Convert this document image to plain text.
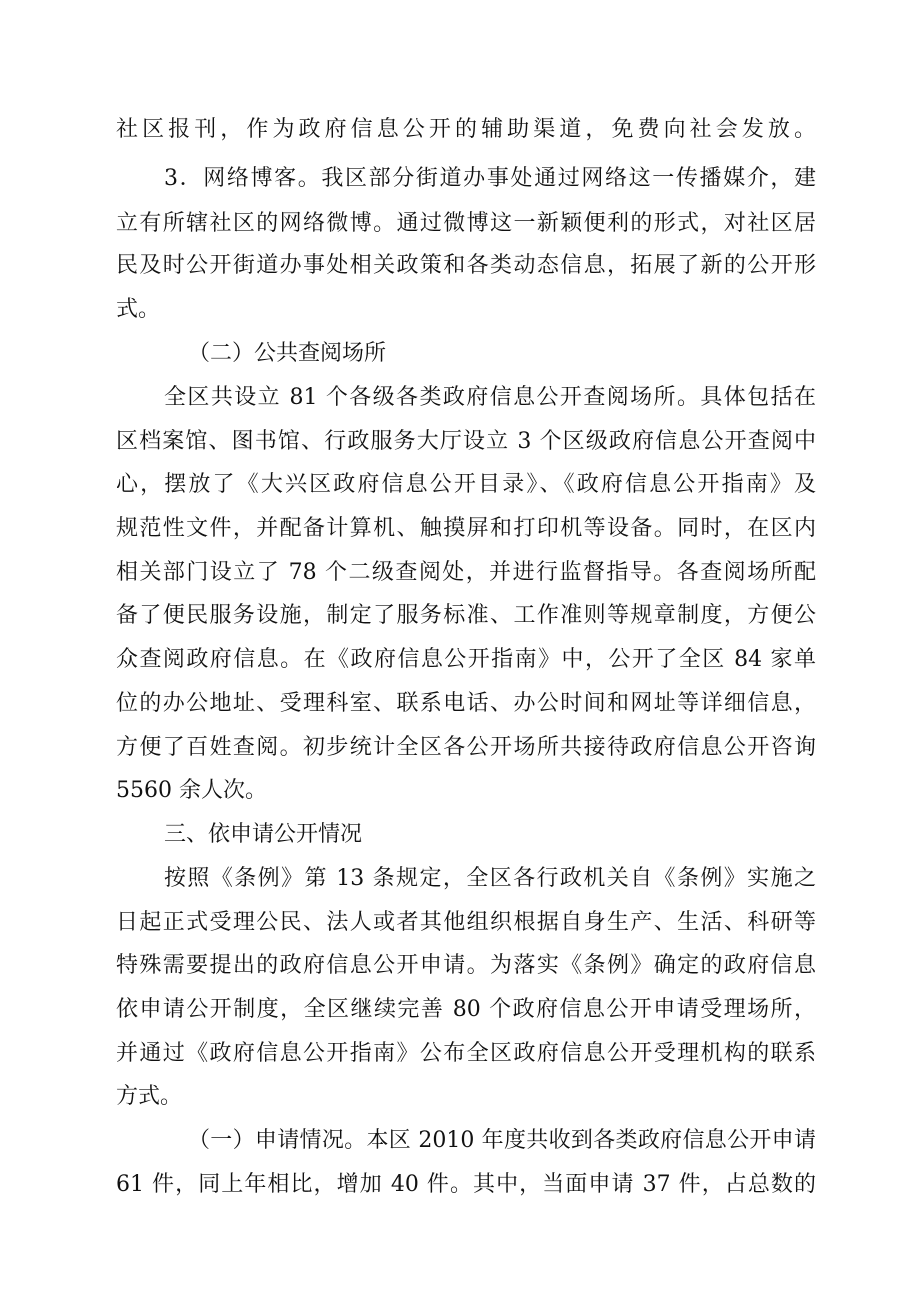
社区报刊，作为政府信息公开的辅助渠道，免费向社会发放。

3．网络博客。我区部分街道办事处通过网络这一传播媒介，建

立有所辖社区的网络微博。通过微博这一新颖便利的形式，对社区居

民及时公开街道办事处相关政策和各类动态信息，拓展了新的公开形

式。

（二）公共查阅场所

全区共设立 81 个各级各类政府信息公开查阅场所。具体包括在

区档案馆、图书馆、行政服务大厅设立 3 个区级政府信息公开查阅中

心，摆放了《大兴区政府信息公开目录》、《政府信息公开指南》及

规范性文件，并配备计算机、触摸屏和打印机等设备。同时，在区内

相关部门设立了 78 个二级查阅处，并进行监督指导。各查阅场所配

备了便民服务设施，制定了服务标准、工作准则等规章制度，方便公

众查阅政府信息。在《政府信息公开指南》中，公开了全区 84 家单

位的办公地址、受理科室、联系电话、办公时间和网址等详细信息，

方便了百姓查阅。初步统计全区各公开场所共接待政府信息公开咨询

5560 余人次。

三、依申请公开情况

按照《条例》第 13 条规定，全区各行政机关自《条例》实施之

日起正式受理公民、法人或者其他组织根据自身生产、生活、科研等

特殊需要提出的政府信息公开申请。为落实《条例》确定的政府信息

依申请公开制度，全区继续完善 80 个政府信息公开申请受理场所，

并通过《政府信息公开指南》公布全区政府信息公开受理机构的联系

方式。

（一）申请情况。本区 2010 年度共收到各类政府信息公开申请

61 件，同上年相比，增加 40 件。其中，当面申请 37 件，占总数的
